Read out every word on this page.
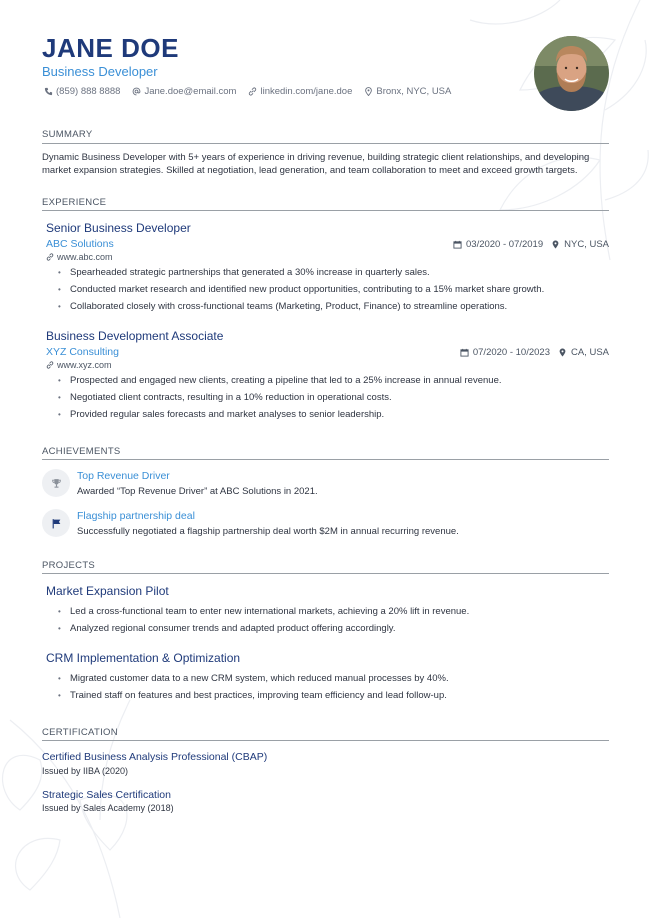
JANE DOE
Business Developer
(859) 888 8888	Jane.doe@email.com	linkedin.com/jane.doe	Bronx, NYC, USA
SUMMARY
Dynamic Business Developer with 5+ years of experience in driving revenue, building strategic client relationships, and developing market expansion strategies. Skilled at negotiation, lead generation, and team collaboration to meet and exceed growth targets.
EXPERIENCE
Senior Business Developer
ABC Solutions	03/2020 - 07/2019 NYC, USA
www.abc.com
• Spearheaded strategic partnerships that generated a 30% increase in quarterly sales.
• Conducted market research and identified new product opportunities, contributing to a 15% market share growth.
• Collaborated closely with cross-functional teams (Marketing, Product, Finance) to streamline operations.
Business Development Associate
XYZ Consulting	07/2020 - 10/2023 CA, USA
www.xyz.com
• Prospected and engaged new clients, creating a pipeline that led to a 25% increase in annual revenue.
• Negotiated client contracts, resulting in a 10% reduction in operational costs.
• Provided regular sales forecasts and market analyses to senior leadership.
ACHIEVEMENTS
Top Revenue Driver
Awarded “Top Revenue Driver” at ABC Solutions in 2021.
Flagship partnership deal
Successfully negotiated a flagship partnership deal worth $2M in annual recurring revenue.
PROJECTS
Market Expansion Pilot
• Led a cross-functional team to enter new international markets, achieving a 20% lift in revenue.
• Analyzed regional consumer trends and adapted product offering accordingly.
CRM Implementation & Optimization
• Migrated customer data to a new CRM system, which reduced manual processes by 40%.
• Trained staff on features and best practices, improving team efficiency and lead follow-up.
CERTIFICATION
Certified Business Analysis Professional (CBAP)
Issued by IIBA (2020)
Strategic Sales Certification
Issued by Sales Academy (2018)
